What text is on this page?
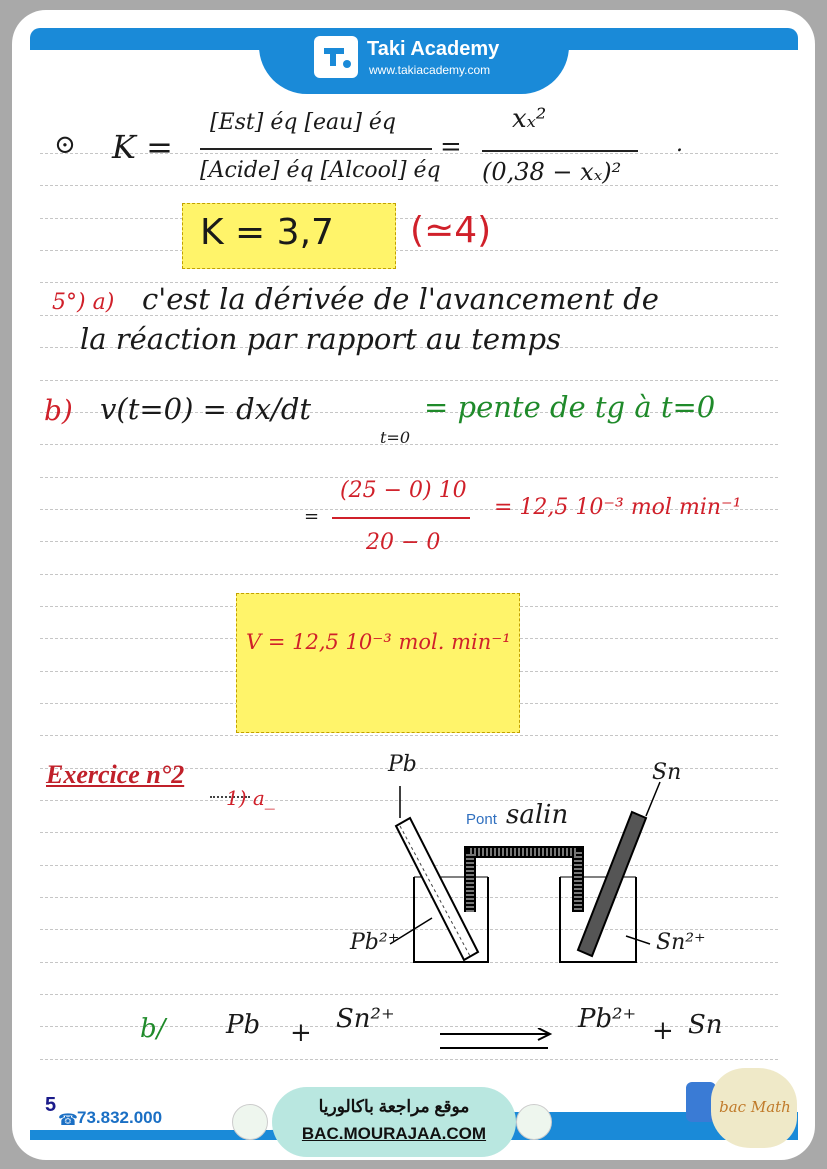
Taki Academy
www.takiacademy.com
⊙ K =
[Est] éq [eau] éq
[Acide] éq [Alcool] éq
=
xₓ²
(0,38 − xₓ)²
.
K = 3,7 (≃4)
5°) a) c'est la dérivée de l'avancement de
la réaction par rapport au temps
b) v(t=0) = dx/dt
t=0
= pente de tg à t=0
=
(25 − 0) 10
20 − 0
= 12,5 10⁻³ mol min⁻¹
V = 12,5 10⁻³ mol. min⁻¹
Exercice n°2
1) a_
Pb	Sn
Pont salin
Pb²⁺	Sn²⁺
b/ Pb + Sn²⁺	Pb²⁺ + Sn
5
☎ 73.832.000
موقع مراجعة باكالوريا
BAC.MOURAJAA.COM
bac Math
